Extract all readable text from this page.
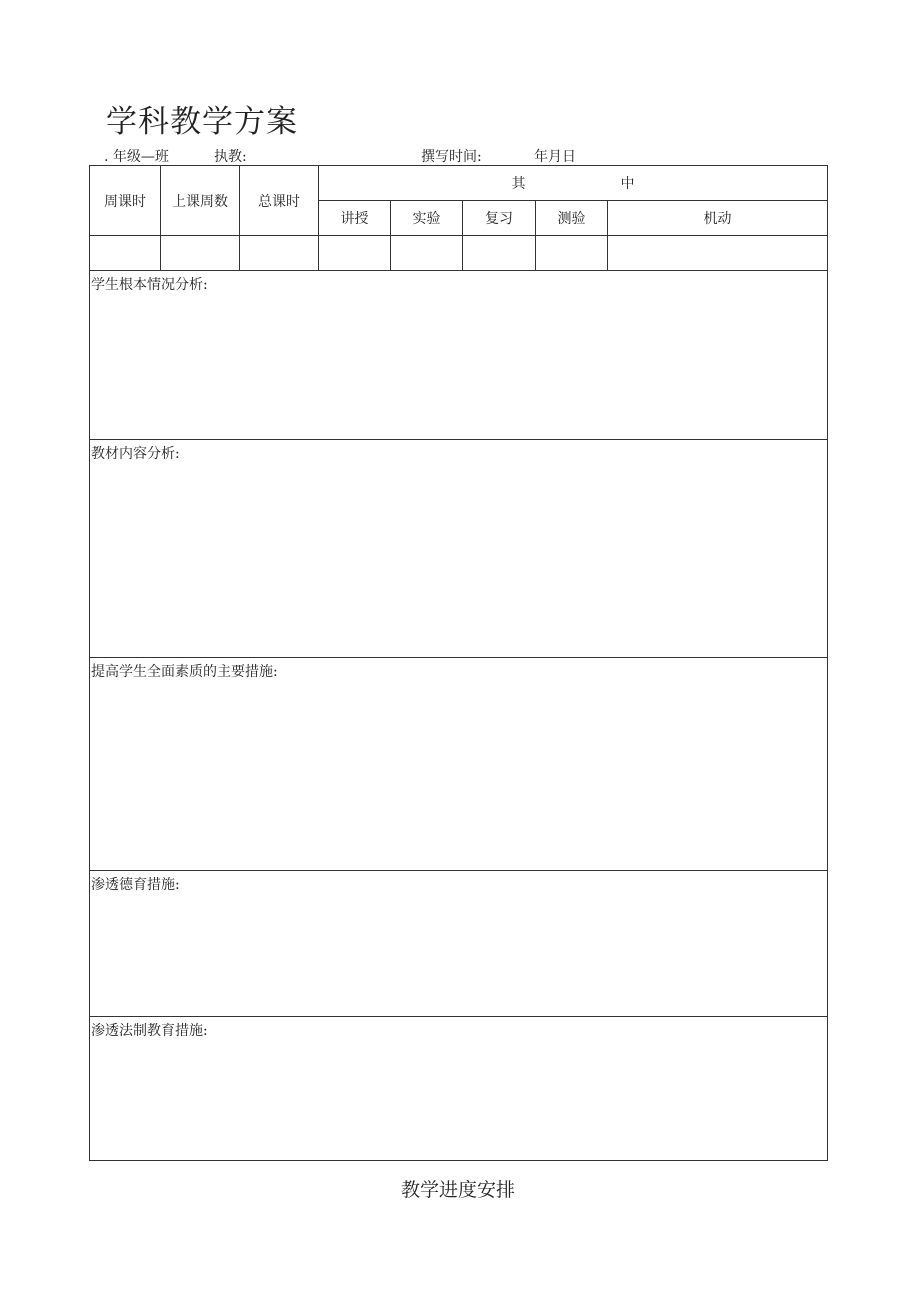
学科教学方案
. 年级—班	执教:	撰写时间:	年月日
周课时	上课周数	总课时	其 中				
			讲授	实验	复习	测验	机动

学生根本情况分析:							
教材内容分析:							
提高学生全面素质的主要措施:							
渗透德育措施:							
渗透法制教育措施:							
教学进度安排
